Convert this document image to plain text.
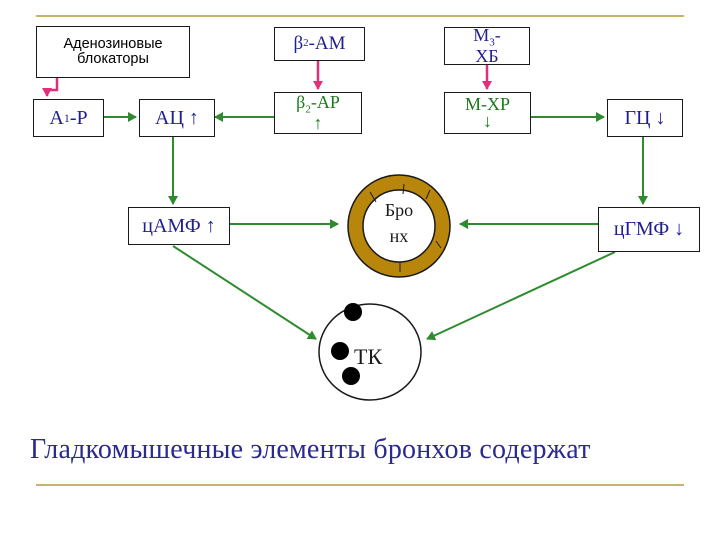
Аденозиновые
блокаторы
β 2 -АМ	$М_3-$
ХБ
А 1 -Р	АЦ ↑
$\beta_2-АР$
↑
М-ХР
↓	ГЦ ↓
цАМФ ↑	цГМФ ↓
Бро
нх
ТК
Гладкомышечные элементы бронхов содержат
